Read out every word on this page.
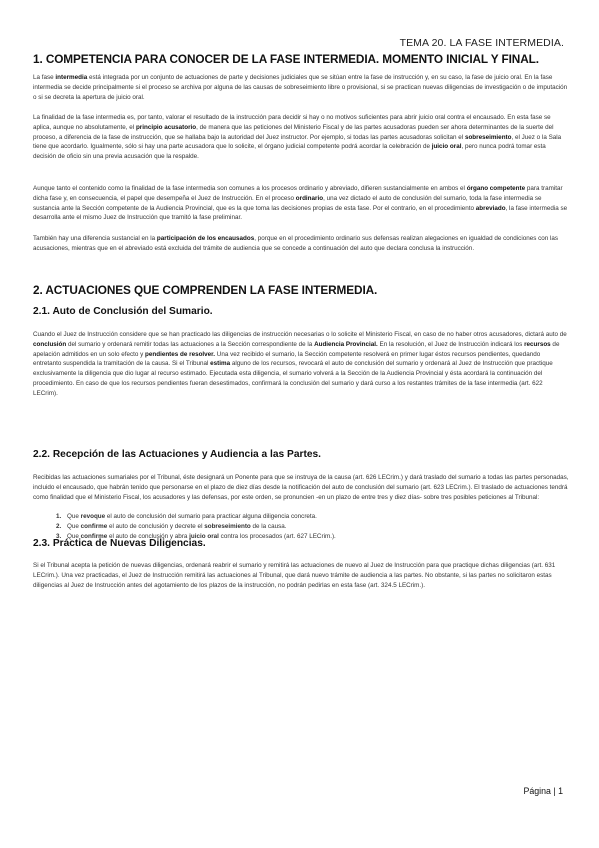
TEMA 20. LA FASE INTERMEDIA.
1. COMPETENCIA PARA CONOCER DE LA FASE INTERMEDIA. MOMENTO INICIAL Y FINAL.

La fase intermedia está integrada por un conjunto de actuaciones de parte y decisiones judiciales que se sitúan entre la fase de instrucción y, en su caso, la fase de juicio oral. En la fase intermedia se decide principalmente si el proceso se archiva por alguna de las causas de sobreseimiento libre o provisional, si se practican nuevas diligencias de investigación o de imputación o si se decreta la apertura de juicio oral.

La finalidad de la fase intermedia es, por tanto, valorar el resultado de la instrucción para decidir si hay o no motivos suficientes para abrir juicio oral contra el encausado. En esta fase se aplica, aunque no absolutamente, el principio acusatorio, de manera que las peticiones del Ministerio Fiscal y de las partes acusadoras pueden ser ahora determinantes de la suerte del proceso, a diferencia de la fase de instrucción, que se hallaba bajo la autoridad del Juez instructor. Por ejemplo, si todas las partes acusadoras solicitan el sobreseimiento, el Juez o la Sala tiene que acordarlo. Igualmente, sólo si hay una parte acusadora que lo solicite, el órgano judicial competente podrá acordar la celebración de juicio oral, pero nunca podrá tomar esta decisión de oficio sin una previa acusación que la respalde.

Aunque tanto el contenido como la finalidad de la fase intermedia son comunes a los procesos ordinario y abreviado, difieren sustancialmente en ambos el órgano competente para tramitar dicha fase y, en consecuencia, el papel que desempeña el Juez de Instrucción. En el proceso ordinario, una vez dictado el auto de conclusión del sumario, toda la fase intermedia se sustancia ante la Sección competente de la Audiencia Provincial, que es la que toma las decisiones propias de esta fase. Por el contrario, en el procedimiento abreviado, la fase intermedia se desarrolla ante el mismo Juez de Instrucción que tramitó la fase preliminar.

También hay una diferencia sustancial en la participación de los encausados, porque en el procedimiento ordinario sus defensas realizan alegaciones en igualdad de condiciones con las acusaciones, mientras que en el abreviado está excluida del trámite de audiencia que se concede a continuación del auto que declara conclusa la instrucción.

2. ACTUACIONES QUE COMPRENDEN LA FASE INTERMEDIA.
2.1. Auto de Conclusión del Sumario.

Cuando el Juez de Instrucción considere que se han practicado las diligencias de instrucción necesarias o lo solicite el Ministerio Fiscal, en caso de no haber otros acusadores, dictará auto de conclusión del sumario y ordenará remitir todas las actuaciones a la Sección correspondiente de la Audiencia Provincial. En la resolución, el Juez de Instrucción indicará los recursos de apelación admitidos en un solo efecto y pendientes de resolver. Una vez recibido el sumario, la Sección competente resolverá en primer lugar éstos recursos pendientes, quedando entretanto suspendida la tramitación de la causa. Si el Tribunal estima alguno de los recursos, revocará el auto de conclusión del sumario y ordenará al Juez de Instrucción que practique exclusivamente la diligencia que dio lugar al recurso estimado. Ejecutada esta diligencia, el sumario volverá a la Sección de la Audiencia Provincial y ésta acordará la continuación del procedimiento. En caso de que los recursos pendientes fueran desestimados, confirmará la conclusión del sumario y dará curso a los restantes trámites de la fase intermedia (art. 622 LECrim).

2.2. Recepción de las Actuaciones y Audiencia a las Partes.

Recibidas las actuaciones sumariales por el Tribunal, éste designará un Ponente para que se instruya de la causa (art. 626 LECrim.) y dará traslado del sumario a todas las partes personadas, incluido el encausado, que habrán tenido que personarse en el plazo de diez días desde la notificación del auto de conclusión del sumario (art. 623 LECrim.). El traslado de actuaciones tendrá como finalidad que el Ministerio Fiscal, los acusadores y las defensas, por este orden, se pronuncien -en un plazo de entre tres y diez días- sobre tres posibles peticiones al Tribunal:

1. Que revoque el auto de conclusión del sumario para practicar alguna diligencia concreta.
2. Que confirme el auto de conclusión y decrete el sobreseimiento de la causa.
3. Que confirme el auto de conclusión y abra juicio oral contra los procesados (art. 627 LECrim.).
2.3. Práctica de Nuevas Diligencias.

Si el Tribunal acepta la petición de nuevas diligencias, ordenará reabrir el sumario y remitirá las actuaciones de nuevo al Juez de Instrucción para que practique dichas diligencias (art. 631 LECrim.). Una vez practicadas, el Juez de Instrucción remitirá las actuaciones al Tribunal, que dará nuevo trámite de audiencia a las partes. No obstante, si las partes no solicitaron estas diligencias al Juez de Instrucción antes del agotamiento de los plazos de la instrucción, no podrán pedirlas en esta fase (art. 324.5 LECrim.).

Página | 1
